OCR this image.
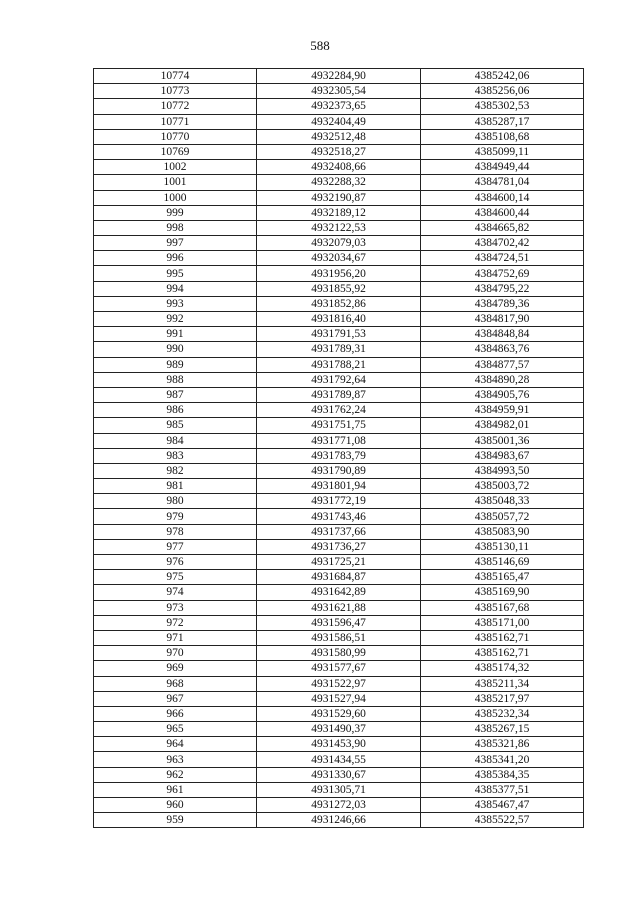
588
10774	4932284,90	4385242,06
10773	4932305,54	4385256,06
10772	4932373,65	4385302,53
10771	4932404,49	4385287,17
10770	4932512,48	4385108,68
10769	4932518,27	4385099,11
1002	4932408,66	4384949,44
1001	4932288,32	4384781,04
1000	4932190,87	4384600,14
999	4932189,12	4384600,44
998	4932122,53	4384665,82
997	4932079,03	4384702,42
996	4932034,67	4384724,51
995	4931956,20	4384752,69
994	4931855,92	4384795,22
993	4931852,86	4384789,36
992	4931816,40	4384817,90
991	4931791,53	4384848,84
990	4931789,31	4384863,76
989	4931788,21	4384877,57
988	4931792,64	4384890,28
987	4931789,87	4384905,76
986	4931762,24	4384959,91
985	4931751,75	4384982,01
984	4931771,08	4385001,36
983	4931783,79	4384983,67
982	4931790,89	4384993,50
981	4931801,94	4385003,72
980	4931772,19	4385048,33
979	4931743,46	4385057,72
978	4931737,66	4385083,90
977	4931736,27	4385130,11
976	4931725,21	4385146,69
975	4931684,87	4385165,47
974	4931642,89	4385169,90
973	4931621,88	4385167,68
972	4931596,47	4385171,00
971	4931586,51	4385162,71
970	4931580,99	4385162,71
969	4931577,67	4385174,32
968	4931522,97	4385211,34
967	4931527,94	4385217,97
966	4931529,60	4385232,34
965	4931490,37	4385267,15
964	4931453,90	4385321,86
963	4931434,55	4385341,20
962	4931330,67	4385384,35
961	4931305,71	4385377,51
960	4931272,03	4385467,47
959	4931246,66	4385522,57
